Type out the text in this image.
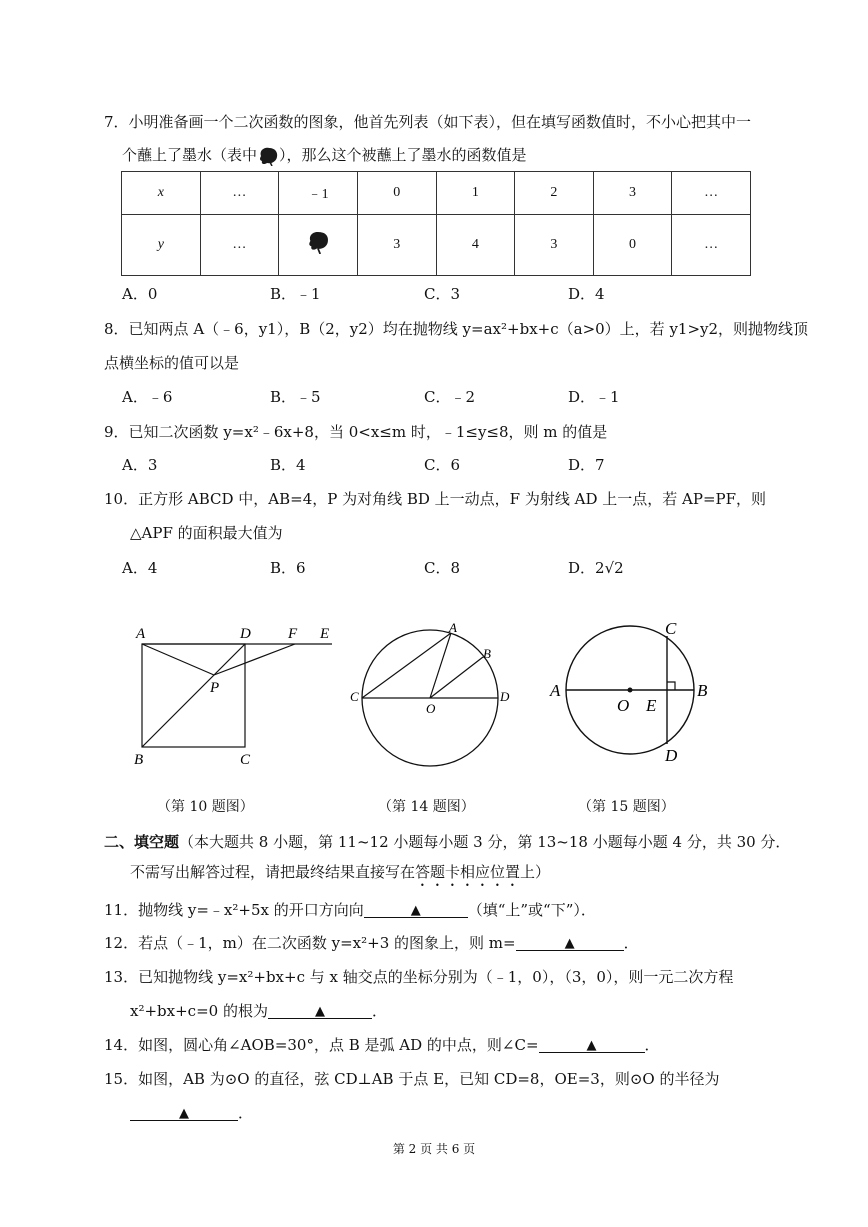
7．小明准备画一个二次函数的图象，他首先列表（如下表），但在填写函数值时，不小心把其中一
个蘸上了墨水（表中 ），那么这个被蘸上了墨水的函数值是
x	…	﹣1	0	1	2	3	…
y	…		3	4	3	0	…
A．0	B．﹣1	C．3	D．4
8．已知两点 A（﹣6，y1），B（2，y2）均在抛物线 y=ax²+bx+c（a>0）上，若 y1>y2，则抛物线顶
点横坐标的值可以是
A．﹣6	B．﹣5	C．﹣2	D．﹣1
9．已知二次函数 y=x²﹣6x+8，当 0<x≤m 时，﹣1≤y≤8，则 m 的值是
A．3	B．4	C．6	D．7
10．正方形 ABCD 中，AB=4，P 为对角线 BD 上一动点，F 为射线 AD 上一点，若 AP=PF，则
△APF 的面积最大值为
A．4	B．6	C．8	D．2√2
A	D F E
P
B	C
（第 10 题图）
A
B
C
O
D
（第 14 题图）
C
A
O E
B
D
（第 15 题图）
二、填空题（本大题共 8 小题，第 11~12 小题每小题 3 分，第 13~18 小题每小题 4 分，共 30 分．
不需写出解答过程，请把最终结果直接写在答题卡相应位置上）
11．抛物线 y=﹣x²+5x 的开口方向向	▲	（填“上”或“下”）．
12．若点（﹣1，m）在二次函数 y=x²+3 的图象上，则 m=	▲	．
13．已知抛物线 y=x²+bx+c 与 x 轴交点的坐标分别为（﹣1，0），（3，0），则一元二次方程
x²+bx+c=0 的根为	▲	．
14．如图，圆心角∠AOB=30°，点 B 是弧 AD 的中点，则∠C=	▲	．
15．如图，AB 为⊙O 的直径，弦 CD⊥AB 于点 E，已知 CD=8，OE=3，则⊙O 的半径为
▲	．
第 2 页 共 6 页
